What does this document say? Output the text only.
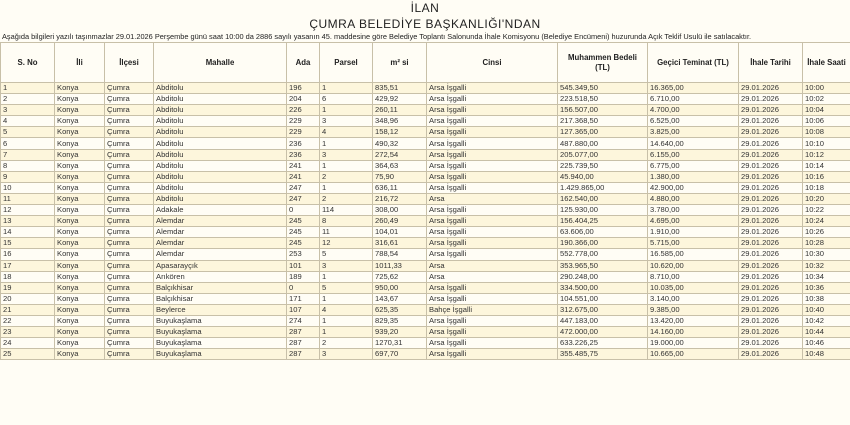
İLAN
ÇUMRA BELEDİYE BAŞKANLIĞI'NDAN
Aşağıda bilgileri yazılı taşınmazlar 29.01.2026 Perşembe günü saat 10:00 da 2886 sayılı yasanın 45. maddesine göre Belediye Toplantı Salonunda İhale Komisyonu (Belediye Encümeni) huzurunda Açık Teklif Usulü ile satılacaktır.
S. No	İli	İlçesi	Mahalle	Ada	Parsel	m² si	Cinsi	Muhammen Bedeli (TL)	Geçici Teminat (TL)	İhale Tarihi	İhale Saati
1	Konya	Çumra	Abditolu	196	1	835,51	Arsa İşgalli	545.349,50	16.365,00	29.01.2026	10:00
2	Konya	Çumra	Abditolu	204	6	429,92	Arsa İşgalli	223.518,50	6.710,00	29.01.2026	10:02
3	Konya	Çumra	Abditolu	226	1	260,11	Arsa İşgalli	156.507,00	4.700,00	29.01.2026	10:04
4	Konya	Çumra	Abditolu	229	3	348,96	Arsa İşgalli	217.368,50	6.525,00	29.01.2026	10:06
5	Konya	Çumra	Abditolu	229	4	158,12	Arsa İşgalli	127.365,00	3.825,00	29.01.2026	10:08
6	Konya	Çumra	Abditolu	236	1	490,32	Arsa İşgalli	487.880,00	14.640,00	29.01.2026	10:10
7	Konya	Çumra	Abditolu	236	3	272,54	Arsa İşgalli	205.077,00	6.155,00	29.01.2026	10:12
8	Konya	Çumra	Abditolu	241	1	364,63	Arsa İşgalli	225.739,50	6.775,00	29.01.2026	10:14
9	Konya	Çumra	Abditolu	241	2	75,90	Arsa İşgalli	45.940,00	1.380,00	29.01.2026	10:16
10	Konya	Çumra	Abditolu	247	1	636,11	Arsa İşgalli	1.429.865,00	42.900,00	29.01.2026	10:18
11	Konya	Çumra	Abditolu	247	2	216,72	Arsa	162.540,00	4.880,00	29.01.2026	10:20
12	Konya	Çumra	Adakale	0	114	308,00	Arsa İşgalli	125.930,00	3.780,00	29.01.2026	10:22
13	Konya	Çumra	Alemdar	245	8	260,49	Arsa İşgalli	156.404,25	4.695,00	29.01.2026	10:24
14	Konya	Çumra	Alemdar	245	11	104,01	Arsa İşgalli	63.606,00	1.910,00	29.01.2026	10:26
15	Konya	Çumra	Alemdar	245	12	316,61	Arsa İşgalli	190.366,00	5.715,00	29.01.2026	10:28
16	Konya	Çumra	Alemdar	253	5	788,54	Arsa İşgalli	552.778,00	16.585,00	29.01.2026	10:30
17	Konya	Çumra	Apasarayçık	101	3	1011,33	Arsa	353.965,50	10.620,00	29.01.2026	10:32
18	Konya	Çumra	Arıkören	189	1	725,62	Arsa	290.248,00	8.710,00	29.01.2026	10:34
19	Konya	Çumra	Balçıkhisar	0	5	950,00	Arsa İşgalli	334.500,00	10.035,00	29.01.2026	10:36
20	Konya	Çumra	Balçıkhisar	171	1	143,67	Arsa İşgalli	104.551,00	3.140,00	29.01.2026	10:38
21	Konya	Çumra	Beylerce	107	4	625,35	Bahçe İşgalli	312.675,00	9.385,00	29.01.2026	10:40
22	Konya	Çumra	Buyukaşlama	274	1	829,35	Arsa İşgalli	447.183,00	13.420,00	29.01.2026	10:42
23	Konya	Çumra	Buyukaşlama	287	1	939,20	Arsa İşgalli	472.000,00	14.160,00	29.01.2026	10:44
24	Konya	Çumra	Buyukaşlama	287	2	1270,31	Arsa İşgalli	633.226,25	19.000,00	29.01.2026	10:46
25	Konya	Çumra	Buyukaşlama	287	3	697,70	Arsa İşgalli	355.485,75	10.665,00	29.01.2026	10:48
